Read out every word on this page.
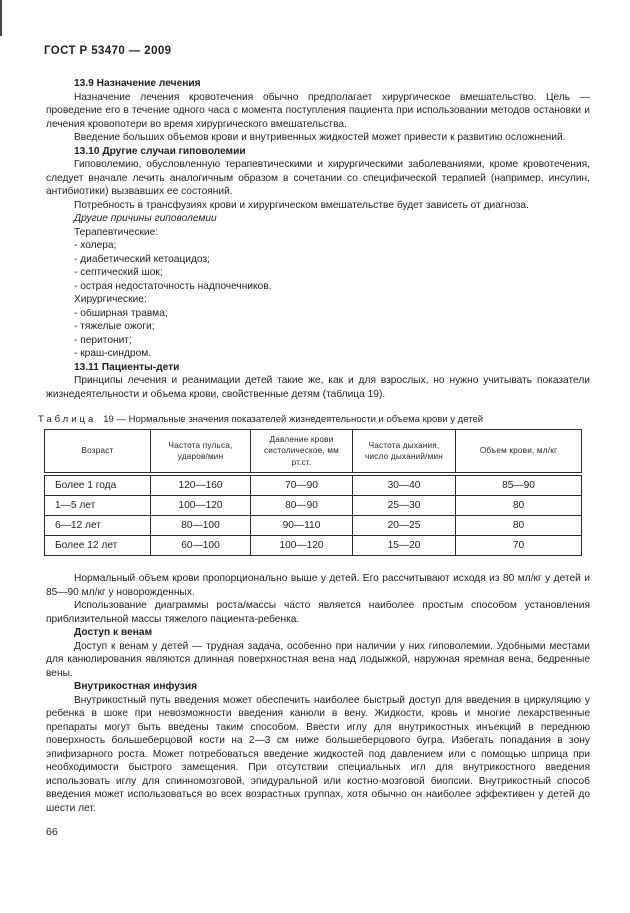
ГОСТ Р 53470 — 2009
13.9 Назначение лечения

Назначение лечения кровотечения обычно предполагает хирургическое вмешательство. Цель — проведение его в течение одного часа с момента поступления пациента при использовании методов остановки и лечения кровопотери во время хирургического вмешательства.

Введение больших объемов крови и внутривенных жидкостей может привести к развитию осложнений.

13.10 Другие случаи гиповолемии

Гиповолемию, обусловленную терапевтическими и хирургическими заболеваниями, кроме кровотечения, следует вначале лечить аналогичным образом в сочетании со специфической терапией (например, инсулин, антибиотики) вызвавших ее состояний.

Потребность в трансфузиях крови и хирургическом вмешательстве будет зависеть от диагноза.

Другие причины гиповолемии

Терапевтические:

- холера;

- диабетический кетоацидоз;

- септический шок;

- острая недостаточность надпочечников.

Хирургические:

- обширная травма;

- тяжелые ожоги;

- перитонит;

- краш-синдром.

13.11 Пациенты-дети

Принципы лечения и реанимации детей такие же, как и для взрослых, но нужно учитывать показатели жизнедеятельности и объема крови, свойственные детям (таблица 19).

Таблица 19 — Нормальные значения показателей жизнедеятельности и объема крови у детей
Возраст	Частота пульса, ударов/мин	Давление крови систолическое, мм рт.ст.	Частота дыхания, число дыханий/мин	Объем крови, мл/кг
Более 1 года	120—160	70—90	30—40	85—90
1—5 лет	100—120	80—90	25—30	80
6—12 лет	80—100	90—110	20—25	80
Более 12 лет	60—100	100—120	15—20	70

Нормальный объем крови пропорционально выше у детей. Его рассчитывают исходя из 80 мл/кг у детей и 85—90 мл/кг у новорожденных.

Использование диаграммы роста/массы часто является наиболее простым способом установления приблизительной массы тяжелого пациента-ребенка.

Доступ к венам

Доступ к венам у детей — трудная задача, особенно при наличии у них гиповолемии. Удобными местами для канюлирования являются длинная поверхностная вена над лодыжкой, наружная яремная вена, бедренные вены.

Внутрикостная инфузия

Внутрикостный путь введения может обеспечить наиболее быстрый доступ для введения в циркуляцию у ребенка в шоке при невозможности введения канюли в вену. Жидкости, кровь и многие лекарственные препараты могут быть введены таким способом. Ввести иглу для внутрикостных инъекций в переднюю поверхность большеберцовой кости на 2—3 см ниже большеберцового бугра. Избегать попадания в зону эпифизарного роста. Может потребоваться введение жидкостей под давлением или с помощью шприца при необходимости быстрого замещения. При отсутствии специальных игл для внутрикостного введения использовать иглу для спинномозговой, эпидуральной или костно-мозговой биопсии. Внутрикостный способ введения может использоваться во всех возрастных группах, хотя обычно он наиболее эффективен у детей до шести лет.

66
